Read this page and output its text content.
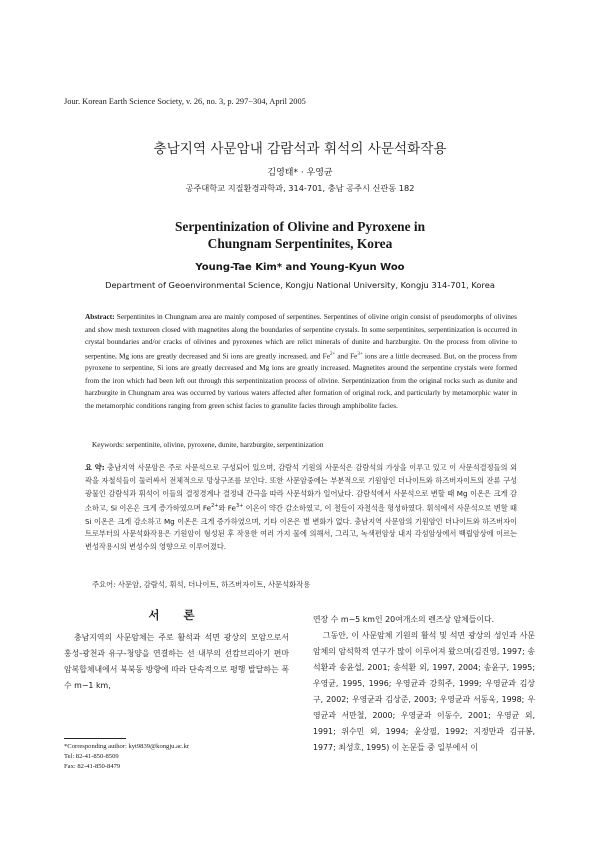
Jour. Korean Earth Science Society, v. 26, no. 3, p. 297−304, April 2005
충남지역 사문암내 감람석과 휘석의 사문석화작용
김영태* · 우영균
공주대학교 지질환경과학과, 314-701, 충남 공주시 신관동 182
Serpentinization of Olivine and Pyroxene in
Chungnam Serpentinites, Korea
Young-Tae Kim* and Young-Kyun Woo
Department of Geoenvironmental Science, Kongju National University, Kongju 314-701, Korea
Abstract: Serpentinites in Chungnam area are mainly composed of serpentines. Serpentines of olivine origin consist of pseudomorphs of olivines and show mesh textureen closed with magnetites along the boundaries of serpentine crystals. In some serpentinites, serpentinization is occurred in crystal boundaries and/or cracks of olivines and pyroxenes which are relict minerals of dunite and harzburgite. On the process from olivine to serpentine, Mg ions are greatly decreased and Si ions are greatly increased, and $Fe^{2+}$ and $Fe^{3+}$ ions are a little decreased. But, on the process from pyroxene to serpentine, Si ions are greatly decreased and Mg ions are greatly increased. Magnetites around the serpentine crystals were formed from the iron which had been left out through this serpentinization process of olivine. Serpentinization from the original rocks such as dunite and harzburgite in Chungnam area was occurred by various waters affected after formation of original rock, and particularly by metamorphic water in the metamorphic conditions ranging from green schist facies to granulite facies through amphibolite facies.
Keywords: serpentinite, olivine, pyroxene, dunite, harzburgite, serpentinization
요 약: 충남지역 사문암은 주로 사문석으로 구성되어 있으며, 감람석 기원의 사문석은 감람석의 가상을 이루고 있고 이 사문석결정들의 외곽을 자철석들이 둘러싸서 전체적으로 망상구조를 보인다. 또한 사문암중에는 부분적으로 기원암인 더나이트와 하즈버자이트의 잔류 구성광물인 감람석과 휘석이 이들의 결정경계나 결정내 간극을 따라 사문석화가 일어났다. 감람석에서 사문석으로 변할 때 Mg 이온은 크게 감소하고, Si 이온은 크게 증가하였으며 $Fe^{2+}$와 $Fe^{3+}$ 이온이 약간 감소하였고, 이 철들이 자철석을 형성하였다. 휘석에서 사문석으로 변할 때 Si 이온은 크게 감소하고 Mg 이온은 크게 증가하였으며, 기타 이온은 별 변화가 없다. 충남지역 사문암의 기원암인 더나이트와 하즈버자이트로부터의 사문석화작용은 기원암이 형성된 후 작용한 여러 가지 물에 의해서, 그리고, 녹색편암상 내지 각섬암상에서 백립암상에 이르는 변성작용시의 변성수의 영향으로 이루어졌다.
주요어: 사문암, 감람석, 휘석, 더나이트, 하즈버자이트, 사문석화작용
서 론

충남지역의 사문암체는 주로 활석과 석면 광상의 모암으로서 홍성-광천과 유구-청양을 연결하는 선 내부의 선캄브리아기 편마암복합체내에서 북북동 방향에 따라 단속적으로 평행 발달하는 폭 수 m−1 km,

*Corresponding author: kyt9839@kongju.ac.kr
Tel: 82-41-850-8509
Fax: 82-41-850-8479

연장 수 m−5 km인 20여개소의 렌즈상 암체들이다.

그동안, 이 사문암체 기원의 활석 및 석면 광상의 성인과 사문암체의 암석학적 연구가 많이 이루어져 왔으며(김진영, 1997; 송석환과 송윤섭, 2001; 송석환 외, 1997, 2004; 송윤구, 1995; 우영균, 1995, 1996; 우영균과 강희주, 1999; 우영균과 김상구, 2002; 우영균과 김상준, 2003; 우영균과 서동욱, 1998; 우영균과 서만철, 2000; 우영균과 이동수, 2001; 우영균 외, 1991; 위수민 외, 1994; 윤상필, 1992; 지정만과 김규봉, 1977; 최성호, 1995) 이 논문들 중 일부에서 이
